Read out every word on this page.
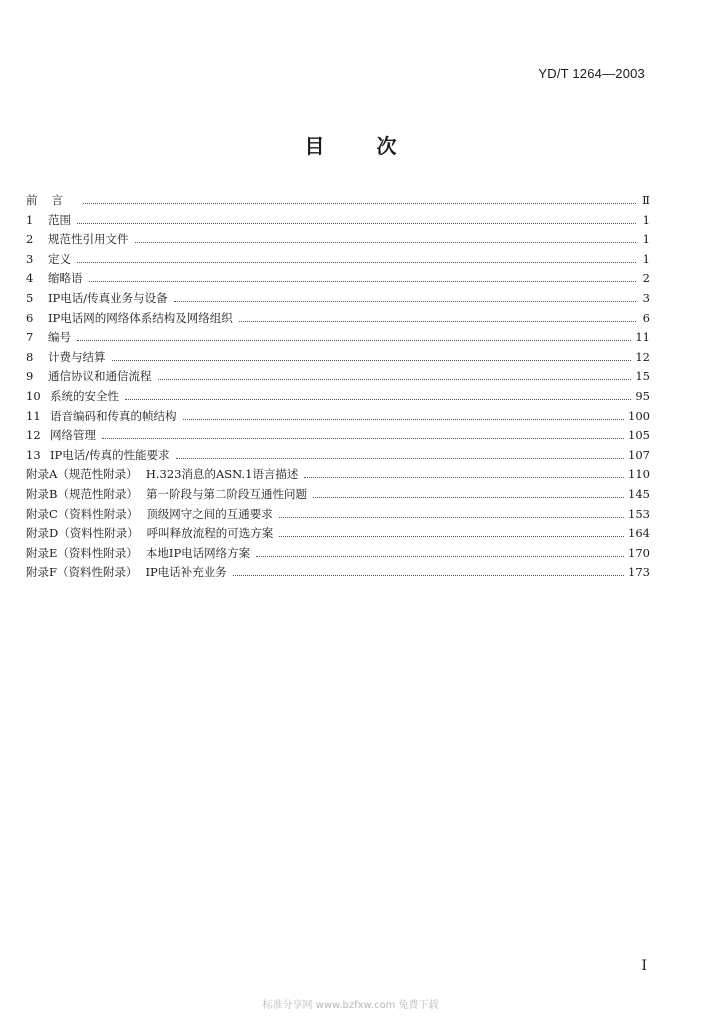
YD/T 1264—2003
目次
前言	Ⅱ
1	范围	1
2	规范性引用文件	1
3	定义	1
4	缩略语	2
5	IP电话/传真业务与设备	3
6	IP电话网的网络体系结构及网络组织	6
7	编号	11
8	计费与结算	12
9	通信协议和通信流程	15
10 系统的安全性	95
11 语音编码和传真的帧结构	100
12 网络管理	105
13 IP电话/传真的性能要求	107
附录A（规范性附录） H.323消息的ASN.1语言描述	110
附录B（规范性附录） 第一阶段与第二阶段互通性问题	145
附录C（资料性附录） 顶级网守之间的互通要求	153
附录D（资料性附录） 呼叫释放流程的可选方案	164
附录E（资料性附录） 本地IP电话网络方案	170
附录F（资料性附录） IP电话补充业务	173
I
标准分享网 www.bzfxw.com 免费下载
